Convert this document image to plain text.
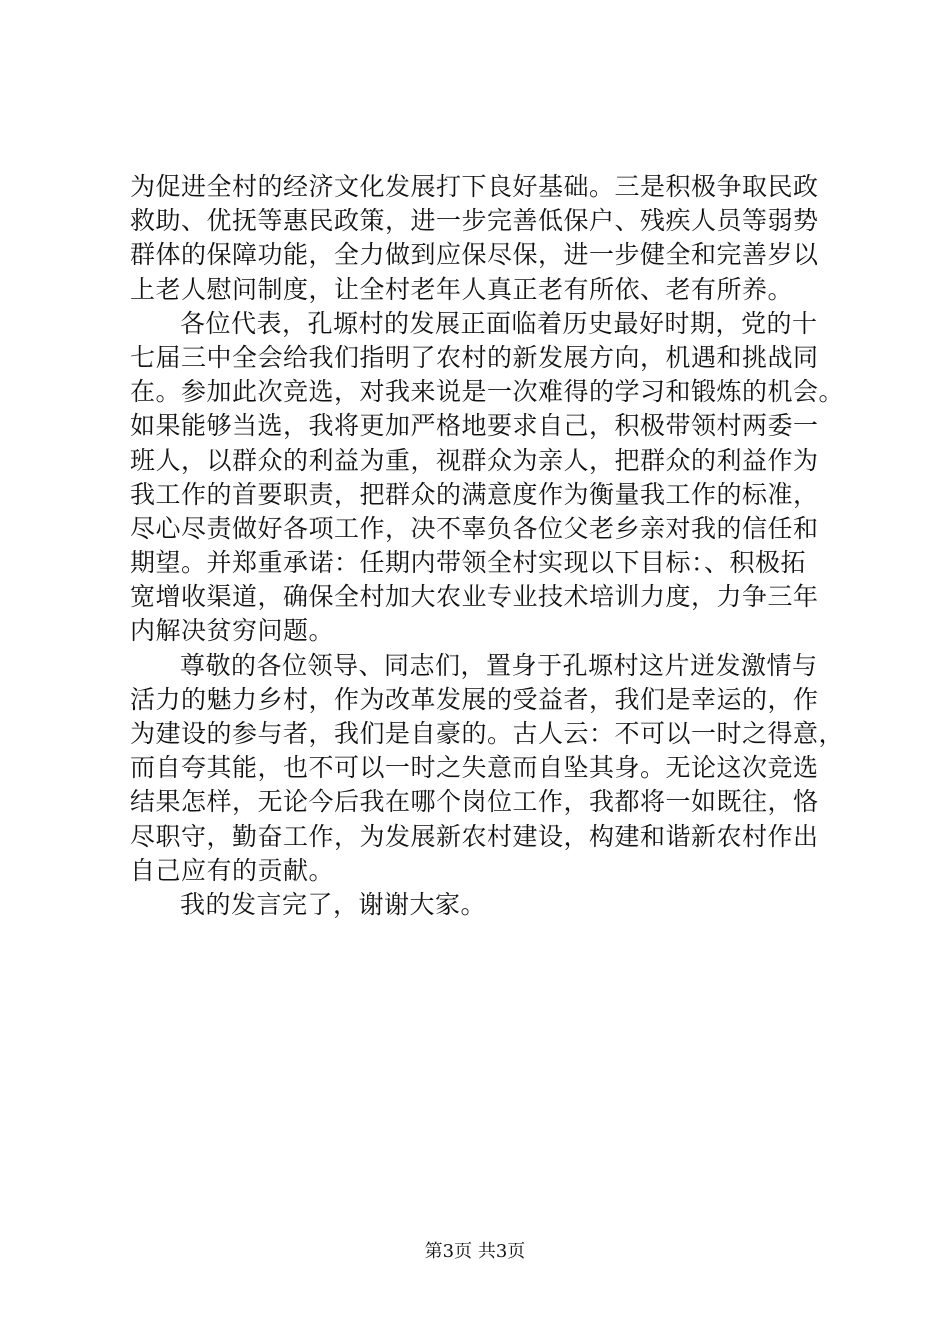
为促进全村的经济文化发展打下良好基础。三是积极争取民政
救助、优抚等惠民政策，进一步完善低保户、残疾人员等弱势
群体的保障功能，全力做到应保尽保，进一步健全和完善岁以
上老人慰问制度，让全村老年人真正老有所依、老有所养。
各位代表，孔塬村的发展正面临着历史最好时期，党的十
七届三中全会给我们指明了农村的新发展方向，机遇和挑战同
在。参加此次竞选，对我来说是一次难得的学习和锻炼的机会。
如果能够当选，我将更加严格地要求自己，积极带领村两委一
班人，以群众的利益为重，视群众为亲人，把群众的利益作为
我工作的首要职责，把群众的满意度作为衡量我工作的标准，
尽心尽责做好各项工作，决不辜负各位父老乡亲对我的信任和
期望。并郑重承诺：任期内带领全村实现以下目标：、积极拓
宽增收渠道，确保全村加大农业专业技术培训力度，力争三年
内解决贫穷问题。
尊敬的各位领导、同志们，置身于孔塬村这片迸发激情与
活力的魅力乡村，作为改革发展的受益者，我们是幸运的，作
为建设的参与者，我们是自豪的。古人云：不可以一时之得意，
而自夸其能，也不可以一时之失意而自坠其身。无论这次竞选
结果怎样，无论今后我在哪个岗位工作，我都将一如既往，恪
尽职守，勤奋工作，为发展新农村建设，构建和谐新农村作出
自己应有的贡献。
我的发言完了，谢谢大家。
第3页 共3页
